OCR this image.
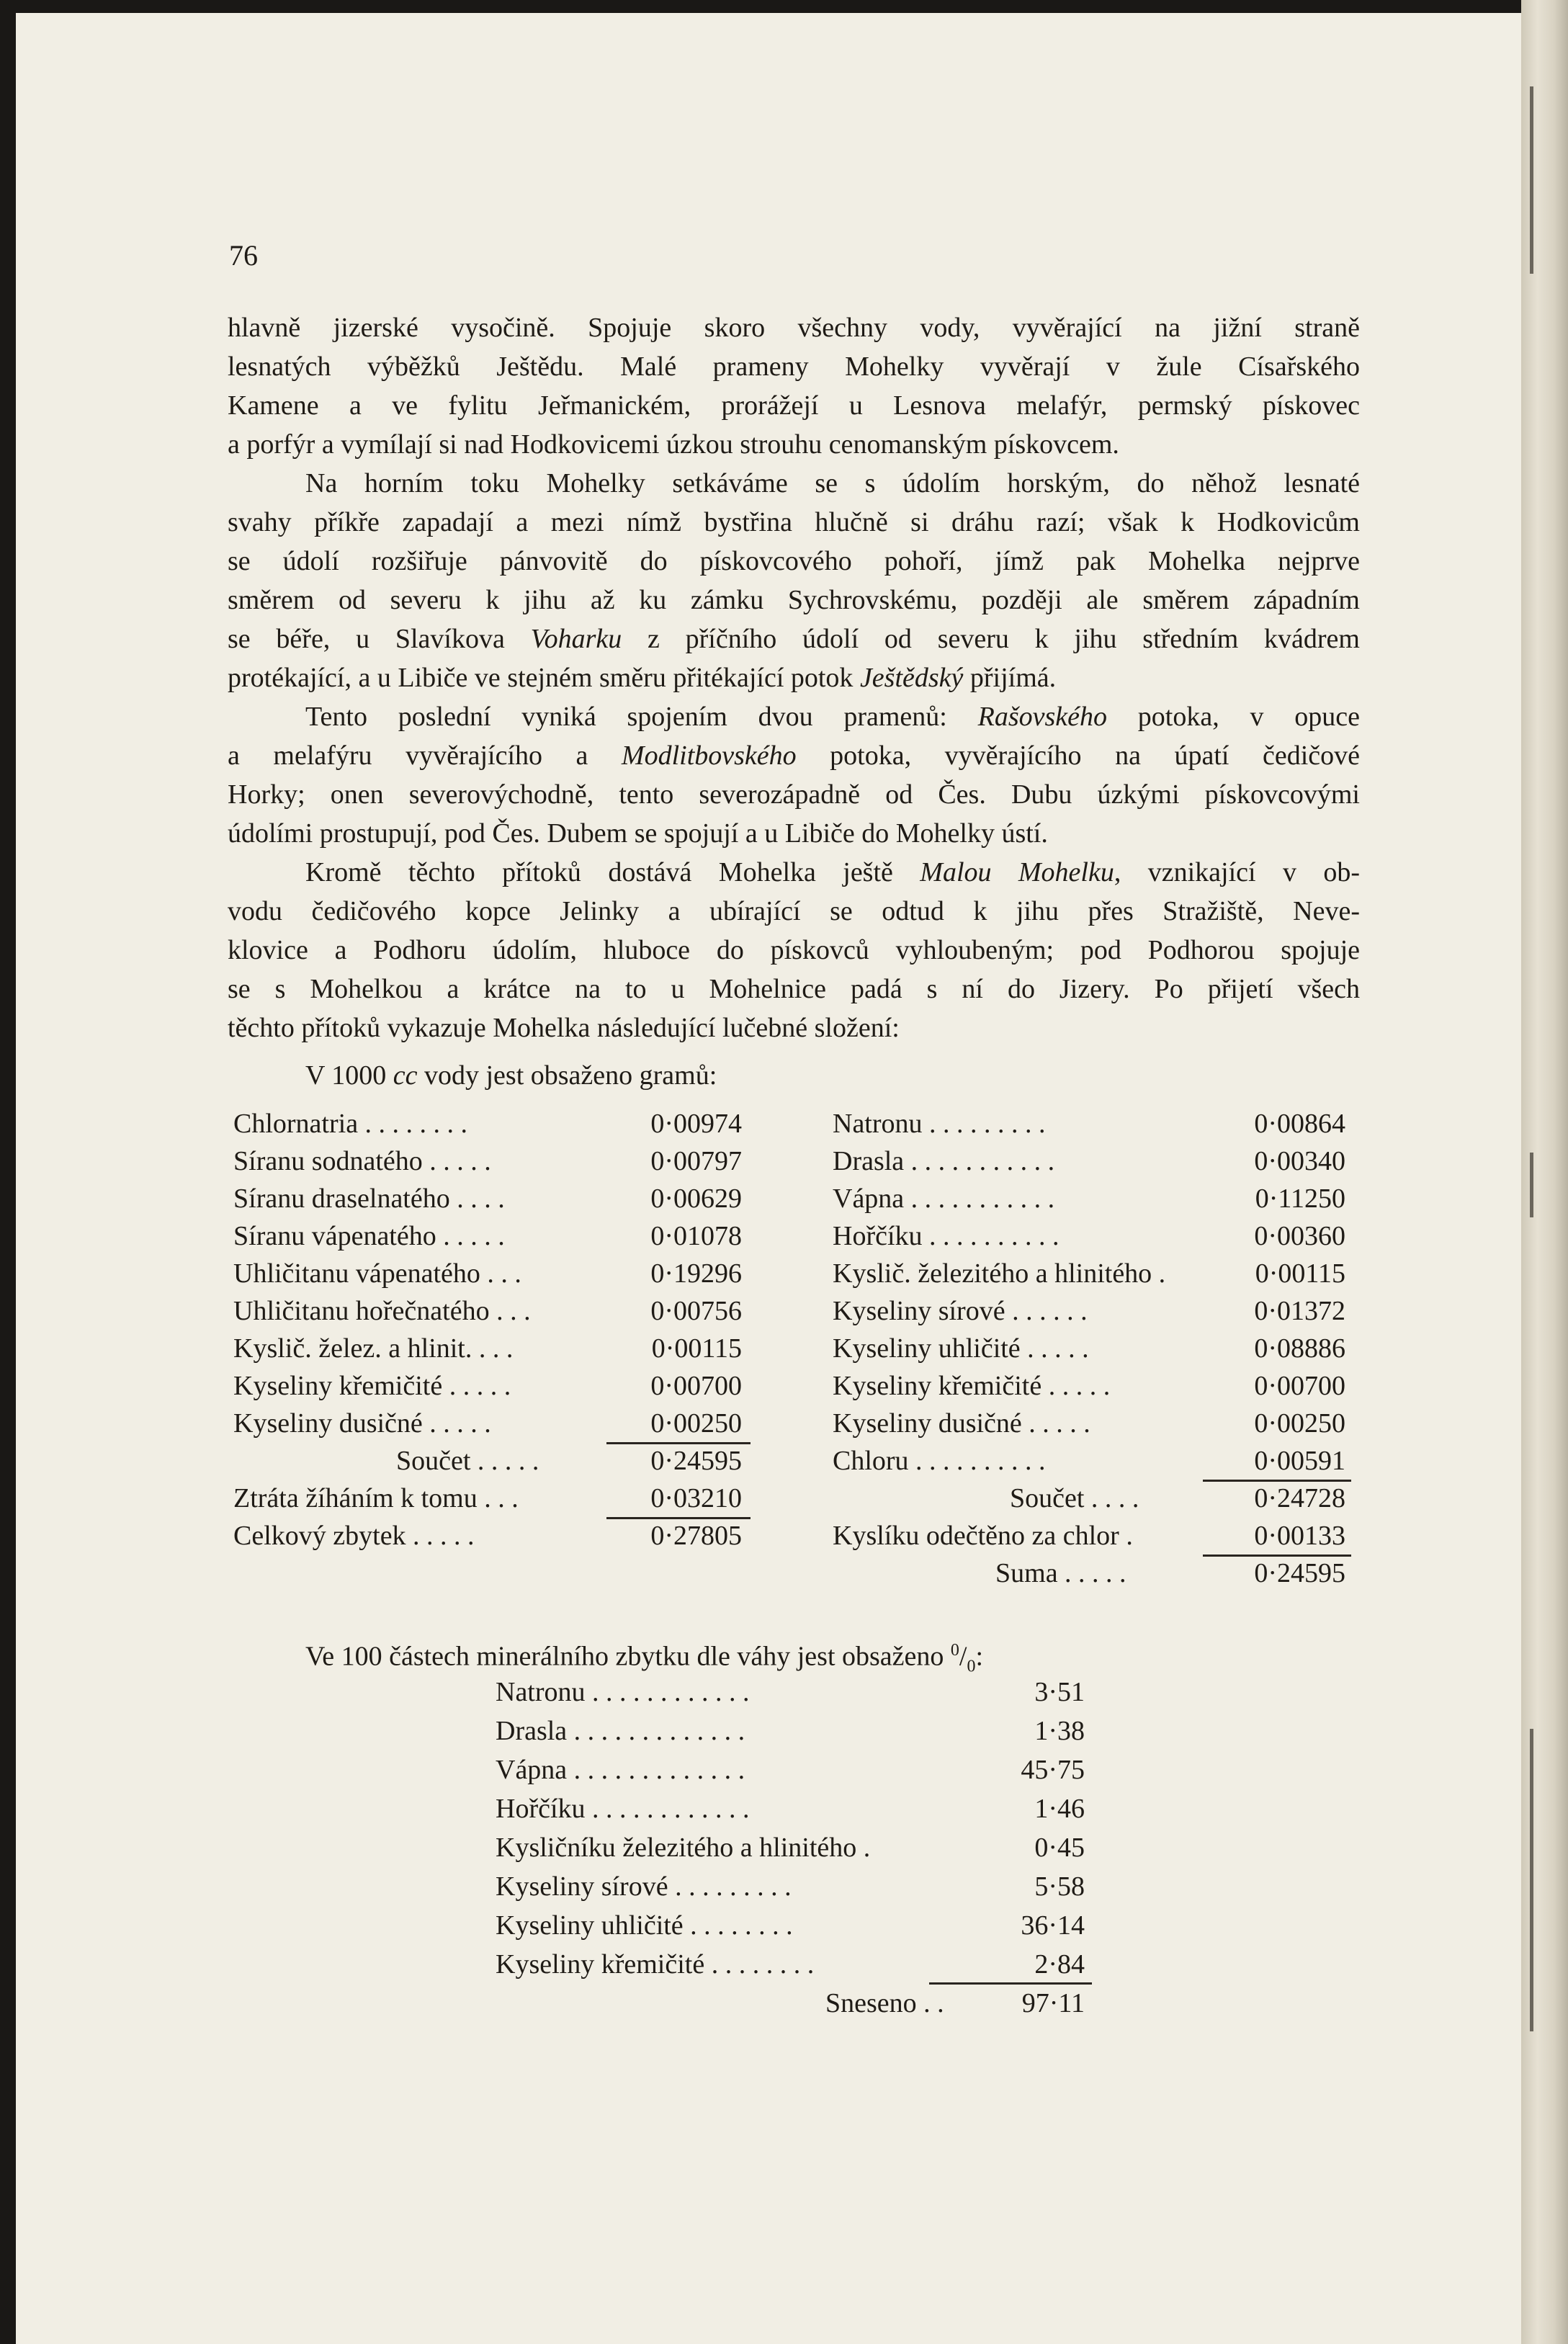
76

hlavně jizerské vysočině. Spojuje skoro všechny vody, vyvěrající na jižní straně

lesnatých výběžků Ještědu. Malé prameny Mohelky vyvěrají v žule Císařského

Kamene a ve fylitu Jeřmanickém, prorážejí u Lesnova melafýr, permský pískovec

a porfýr a vymílají si nad Hodkovicemi úzkou strouhu cenomanským pískovcem.

Na horním toku Mohelky setkáváme se s údolím horským, do něhož lesnaté

svahy příkře zapadají a mezi nímž bystřina hlučně si dráhu razí; však k Hodkovicům

se údolí rozšiřuje pánvovitě do pískovcového pohoří, jímž pak Mohelka nejprve

směrem od severu k jihu až ku zámku Sychrovskému, později ale směrem západním

se béře, u Slavíkova Voharku z příčního údolí od severu k jihu středním kvádrem

protékající, a u Libiče ve stejném směru přitékající potok Ještědský přijímá.

Tento poslední vyniká spojením dvou pramenů: Rašovského potoka, v opuce

a melafýru vyvěrajícího a Modlitbovského potoka, vyvěrajícího na úpatí čedičové

Horky; onen severovýchodně, tento severozápadně od Čes. Dubu úzkými pískovcovými

údolími prostupují, pod Čes. Dubem se spojují a u Libiče do Mohelky ústí.

Kromě těchto přítoků dostává Mohelka ještě Malou Mohelku, vznikající v ob-

vodu čedičového kopce Jelinky a ubírající se odtud k jihu přes Stražiště, Neve-

klovice a Podhoru údolím, hluboce do pískovců vyhloubeným; pod Podhorou spojuje

se s Mohelkou a krátce na to u Mohelnice padá s ní do Jizery. Po přijetí všech

těchto přítoků vykazuje Mohelka následující lučebné složení:

V 1000 cc vody jest obsaženo gramů:
Chlornatria . . . . . . . .	0·00974
Síranu sodnatého . . . . .	0·00797
Síranu draselnatého . . . .	0·00629
Síranu vápenatého . . . . .	0·01078
Uhličitanu vápenatého . . .	0·19296
Uhličitanu hořečnatého . . .	0·00756
Kyslič. želez. a hlinit. . . .	0·00115
Kyseliny křemičité . . . . .	0·00700
Kyseliny dusičné . . . . .	0·00250
Součet . . . . .	0·24595
Ztráta žíháním k tomu . . .	0·03210
Celkový zbytek . . . . .	0·27805
Natronu . . . . . . . . .	0·00864
Drasla . . . . . . . . . . .	0·00340
Vápna . . . . . . . . . . .	0·11250
Hořčíku . . . . . . . . . .	0·00360
Kyslič. železitého a hlinitého .	0·00115
Kyseliny sírové . . . . . .	0·01372
Kyseliny uhličité . . . . .	0·08886
Kyseliny křemičité . . . . .	0·00700
Kyseliny dusičné . . . . .	0·00250
Chloru . . . . . . . . . .	0·00591
Součet . . . .	0·24728
Kyslíku odečtěno za chlor .	0·00133
Suma . . . . .	0·24595
Ve 100 částech minerálního zbytku dle váhy jest obsaženo $^0/_0$:
Natronu . . . . . . . . . . . .	3·51
Drasla . . . . . . . . . . . . .	1·38
Vápna . . . . . . . . . . . . .	45·75
Hořčíku . . . . . . . . . . . .	1·46
Kysličníku železitého a hlinitého .	0·45
Kyseliny sírové . . . . . . . . .	5·58
Kyseliny uhličité . . . . . . . .	36·14
Kyseliny křemičité . . . . . . . .	2·84
Sneseno . .	97·11
